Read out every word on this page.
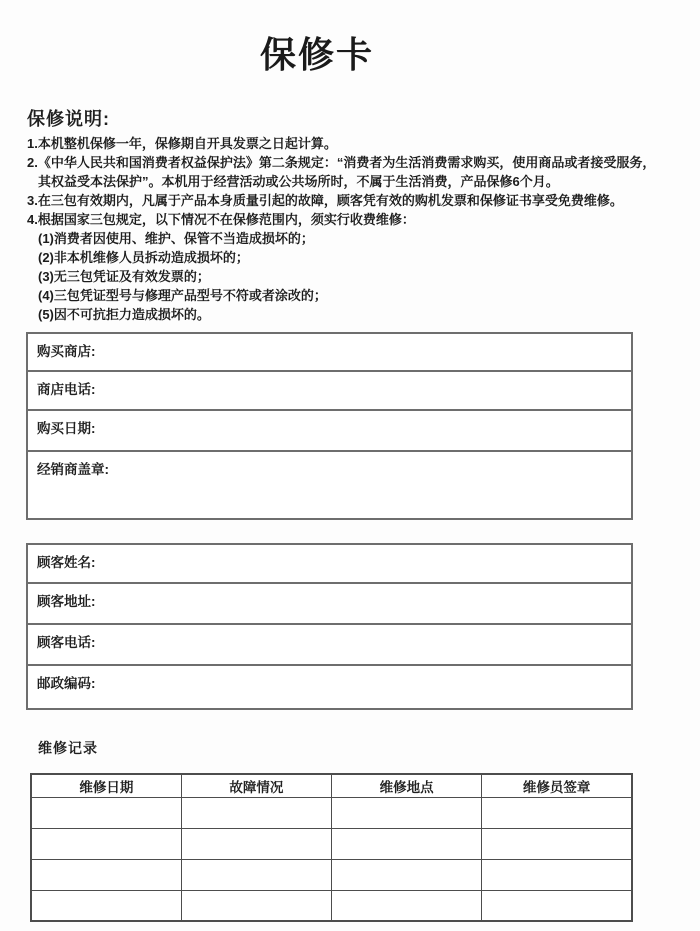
保修卡
保修说明:
1.本机整机保修一年，保修期自开具发票之日起计算。
2.《中华人民共和国消费者权益保护法》第二条规定：“消费者为生活消费需求购买，使用商品或者接受服务，
其权益受本法保护”。本机用于经营活动或公共场所时，不属于生活消费，产品保修6个月。
3.在三包有效期内，凡属于产品本身质量引起的故障，顾客凭有效的购机发票和保修证书享受免费维修。
4.根据国家三包规定，以下情况不在保修范围内，须实行收费维修：
(1)消费者因使用、维护、保管不当造成损坏的；
(2)非本机维修人员拆动造成损坏的；
(3)无三包凭证及有效发票的；
(4)三包凭证型号与修理产品型号不符或者涂改的；
(5)因不可抗拒力造成损坏的。
购买商店:
商店电话:
购买日期:
经销商盖章:
顾客姓名:
顾客地址:
顾客电话:
邮政编码:
维修记录
维修日期	故障情况	维修地点	维修员签章
